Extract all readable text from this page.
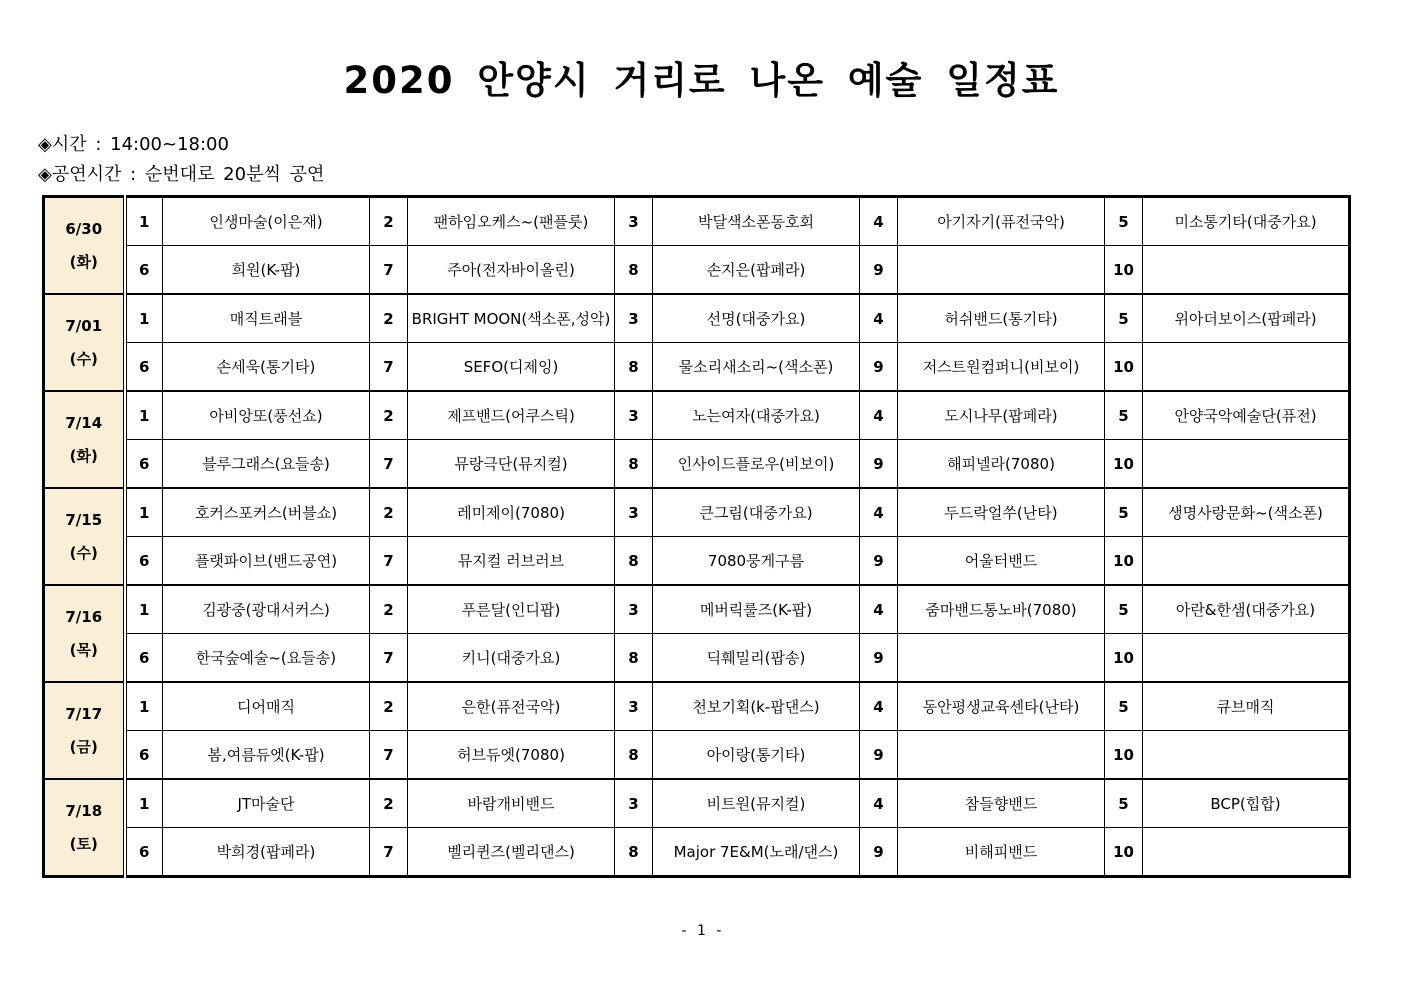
2020 안양시 거리로 나온 예술 일정표
◈시간 : 14:00~18:00
◈공연시간 : 순번대로 20분씩 공연
6/30
(화)	1	인생마술(이은재)	2	팬하임오케스~(팬플룻)	3	박달색소폰동호회	4	아기자기(퓨전국악)	5	미소통기타(대중가요)
	6	희원(K-팝)	7	주아(전자바이올린)	8	손지은(팝페라)	9		10	

7/01
(수)	1	매직트래블	2	BRIGHT MOON(색소폰,성악)	3	선명(대중가요)	4	허쉬밴드(통기타)	5	위아더보이스(팝페라)
	6	손세욱(통기타)	7	SEFO(디제잉)	8	물소리새소리~(색소폰)	9	저스트원컴퍼니(비보이)	10	

7/14
(화)	1	아비앙또(풍선쇼)	2	제프밴드(어쿠스틱)	3	노는여자(대중가요)	4	도시나무(팝페라)	5	안양국악예술단(퓨전)
	6	블루그래스(요들송)	7	뮤랑극단(뮤지컬)	8	인사이드플로우(비보이)	9	해피넬라(7080)	10	

7/15
(수)	1	호커스포커스(버블쇼)	2	레미제이(7080)	3	큰그림(대중가요)	4	두드락얼쑤(난타)	5	생명사랑문화~(색소폰)
	6	플랫파이브(밴드공연)	7	뮤지컬 러브러브	8	7080뭉게구름	9	어울터밴드	10	

7/16
(목)	1	김광중(광대서커스)	2	푸른달(인디팝)	3	메버릭룰즈(K-팝)	4	줌마밴드통노바(7080)	5	아란&한샘(대중가요)
	6	한국숲예술~(요들송)	7	키니(대중가요)	8	딕훼밀리(팝송)	9		10	

7/17
(금)	1	디어매직	2	은한(퓨전국악)	3	천보기획(k-팝댄스)	4	동안평생교육센타(난타)	5	큐브매직
	6	봄,여름듀엣(K-팝)	7	허브듀엣(7080)	8	아이랑(통기타)	9		10	

7/18
(토)	1	JT마술단	2	바람개비밴드	3	비트원(뮤지컬)	4	참들향밴드	5	BCP(힙합)
	6	박희경(팝페라)	7	벨리퀸즈(벨리댄스)	8	Major 7E&M(노래/댄스)	9	비해피밴드	10	
- 1 -
